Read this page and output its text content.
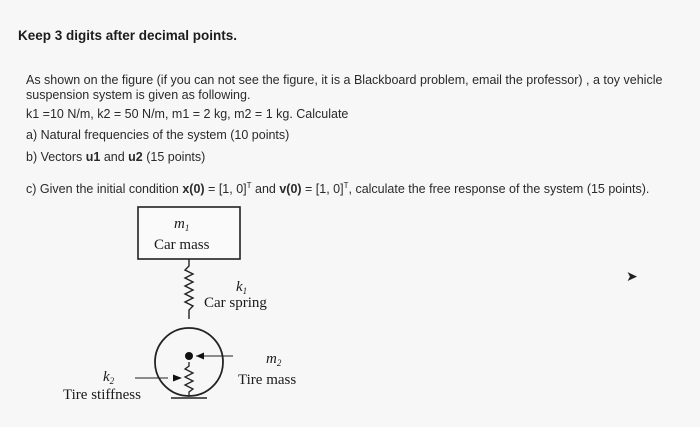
Keep 3 digits after decimal points.
As shown on the figure (if you can not see the figure, it is a Blackboard problem, email the professor) , a toy vehicle
suspension system is given as following.
k1 =10 N/m, k2 = 50 N/m, m1 = 2 kg, m2 = 1 kg. Calculate
a) Natural frequencies of the system (10 points)
b) Vectors u1 and u2 (15 points)
c) Given the initial condition x(0) = [1, 0]$^T$ and v(0) = [1, 0]$^T$, calculate the free response of the system (15 points).
$m_1$
Car mass
$k_1$
Car spring
$m_2$
Tire mass
$k_2$
Tire stiffness
➤
